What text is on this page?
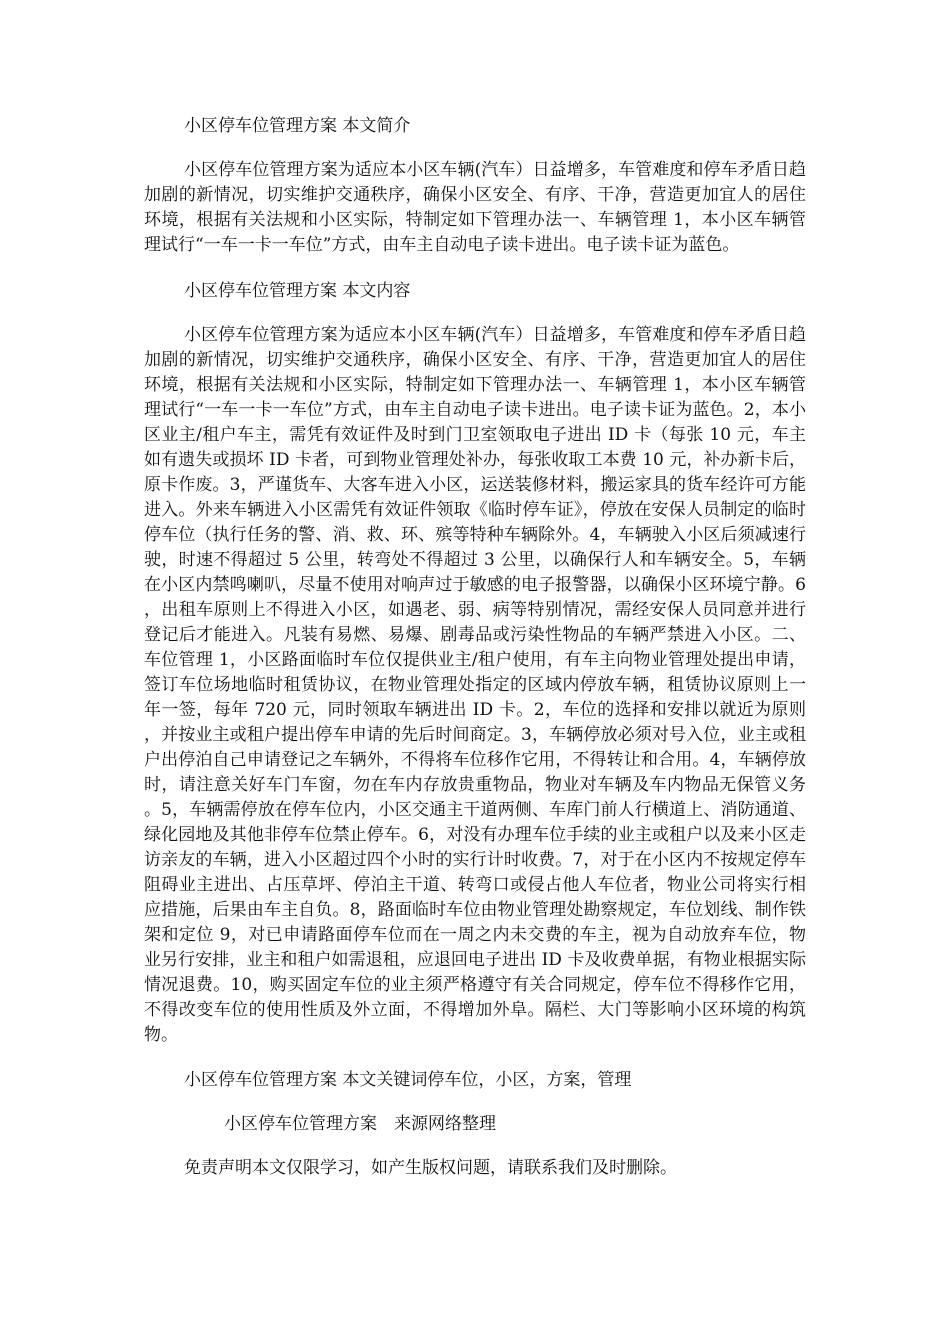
小区停车位管理方案 本文简介

小区停车位管理方案为适应本小区车辆(汽车）日益增多，车管难度和停车矛盾日趋加剧的新情况，切实维护交通秩序，确保小区安全、有序、干净，营造更加宜人的居住环境，根据有关法规和小区实际，特制定如下管理办法一、车辆管理 1，本小区车辆管理试行“一车一卡一车位”方式，由车主自动电子读卡进出。电子读卡证为蓝色。

小区停车位管理方案 本文内容

小区停车位管理方案为适应本小区车辆(汽车）日益增多，车管难度和停车矛盾日趋加剧的新情况，切实维护交通秩序，确保小区安全、有序、干净，营造更加宜人的居住环境，根据有关法规和小区实际，特制定如下管理办法一、车辆管理 1，本小区车辆管理试行“一车一卡一车位”方式，由车主自动电子读卡进出。电子读卡证为蓝色。2，本小区业主/租户车主，需凭有效证件及时到门卫室领取电子进出 ID 卡（每张 10 元，车主如有遗失或损坏 ID 卡者，可到物业管理处补办，每张收取工本费 10 元，补办新卡后，原卡作废。3，严谨货车、大客车进入小区，运送装修材料，搬运家具的货车经许可方能进入。外来车辆进入小区需凭有效证件领取《临时停车证》，停放在安保人员制定的临时停车位（执行任务的警、消、救、环、殡等特种车辆除外。4，车辆驶入小区后须减速行驶，时速不得超过 5 公里，转弯处不得超过 3 公里，以确保行人和车辆安全。5，车辆在小区内禁鸣喇叭，尽量不使用对响声过于敏感的电子报警器，以确保小区环境宁静。6，出租车原则上不得进入小区，如遇老、弱、病等特别情况，需经安保人员同意并进行登记后才能进入。凡装有易燃、易爆、剧毒品或污染性物品的车辆严禁进入小区。二、车位管理 1，小区路面临时车位仅提供业主/租户使用，有车主向物业管理处提出申请，签订车位场地临时租赁协议，在物业管理处指定的区域内停放车辆，租赁协议原则上一年一签，每年 720 元，同时领取车辆进出 ID 卡。2，车位的选择和安排以就近为原则，并按业主或租户提出停车申请的先后时间商定。3，车辆停放必须对号入位，业主或租户出停泊自己申请登记之车辆外，不得将车位移作它用，不得转让和合用。4，车辆停放时，请注意关好车门车窗，勿在车内存放贵重物品，物业对车辆及车内物品无保管义务。5，车辆需停放在停车位内，小区交通主干道两侧、车库门前人行横道上、消防通道、绿化园地及其他非停车位禁止停车。6，对没有办理车位手续的业主或租户以及来小区走访亲友的车辆，进入小区超过四个小时的实行计时收费。7，对于在小区内不按规定停车阻碍业主进出、占压草坪、停泊主干道、转弯口或侵占他人车位者，物业公司将实行相应措施，后果由车主自负。8，路面临时车位由物业管理处勘察规定，车位划线、制作铁架和定位 9，对已申请路面停车位而在一周之内未交费的车主，视为自动放弃车位，物业另行安排，业主和租户如需退租，应退回电子进出 ID 卡及收费单据，有物业根据实际情况退费。10，购买固定车位的业主须严格遵守有关合同规定，停车位不得移作它用，不得改变车位的使用性质及外立面，不得增加外阜。隔栏、大门等影响小区环境的构筑物。

小区停车位管理方案 本文关键词停车位，小区，方案，管理

小区停车位管理方案 来源网络整理

免责声明本文仅限学习，如产生版权问题，请联系我们及时删除。
